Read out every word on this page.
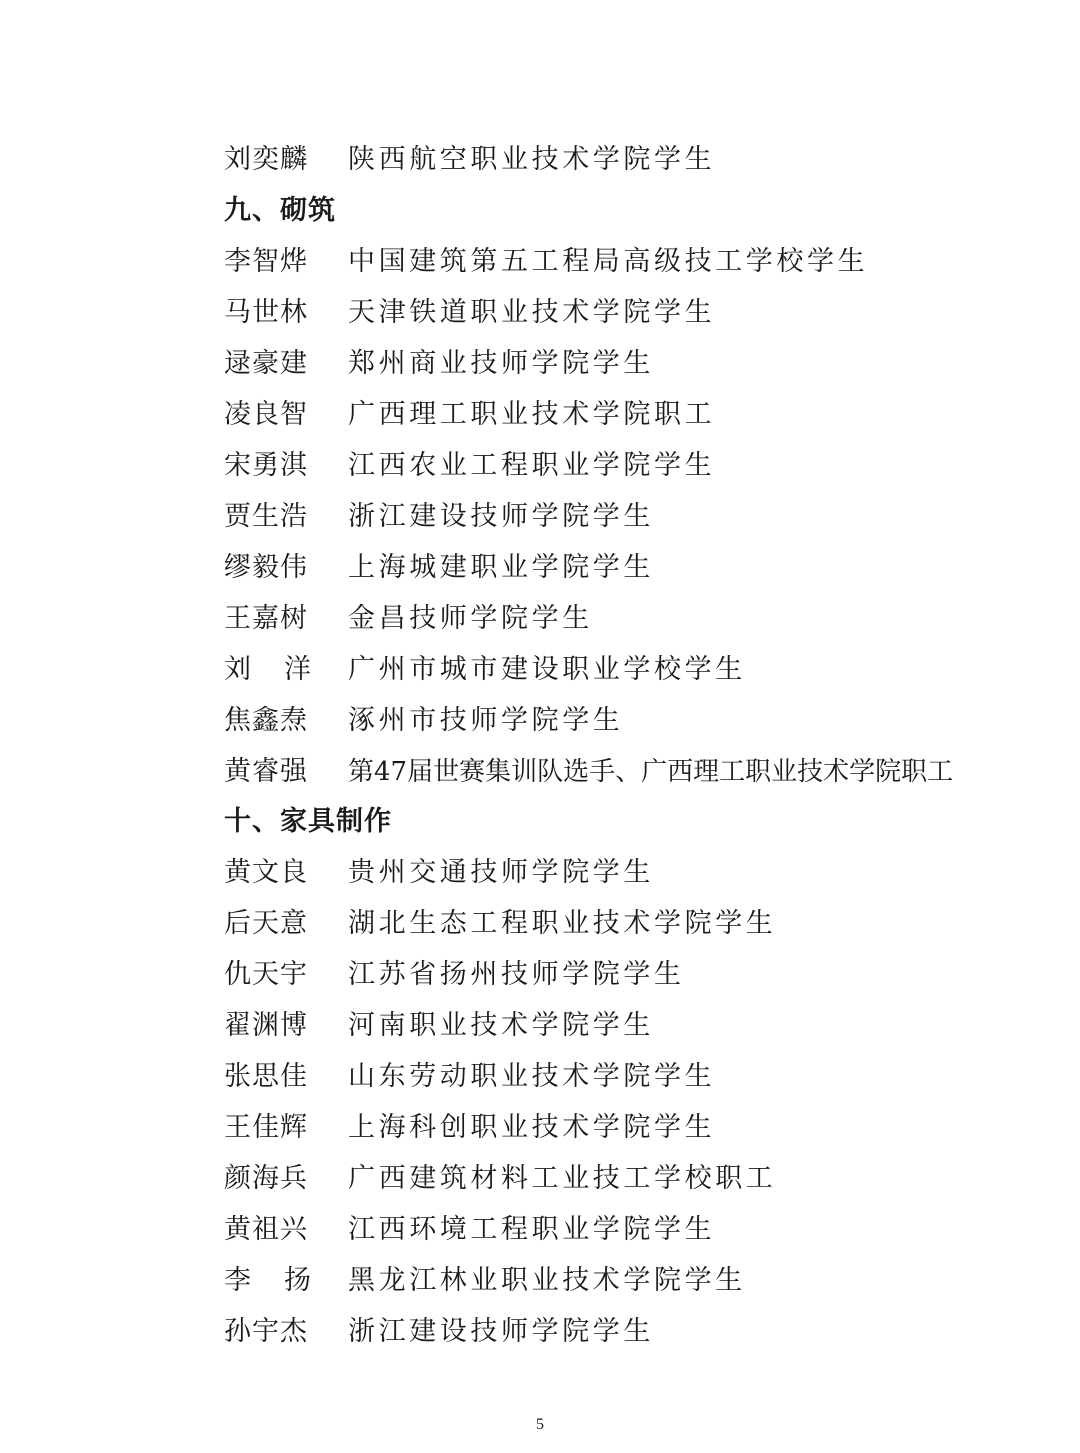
刘奕麟 陕西航空职业技术学院学生
九、砌筑
李智烨 中国建筑第五工程局高级技工学校学生
马世林 天津铁道职业技术学院学生
逯豪建 郑州商业技师学院学生
凌良智 广西理工职业技术学院职工
宋勇淇 江西农业工程职业学院学生
贾生浩 浙江建设技师学院学生
缪毅伟 上海城建职业学院学生
王嘉树 金昌技师学院学生
刘 洋 广州市城市建设职业学校学生
焦鑫焘 涿州市技师学院学生
黄睿强 第47届世赛集训队选手、广西理工职业技术学院职工
十、家具制作
黄文良 贵州交通技师学院学生
后天意 湖北生态工程职业技术学院学生
仇天宇 江苏省扬州技师学院学生
翟渊博 河南职业技术学院学生
张思佳 山东劳动职业技术学院学生
王佳辉 上海科创职业技术学院学生
颜海兵 广西建筑材料工业技工学校职工
黄祖兴 江西环境工程职业学院学生
李 扬 黑龙江林业职业技术学院学生
孙宇杰 浙江建设技师学院学生
5
